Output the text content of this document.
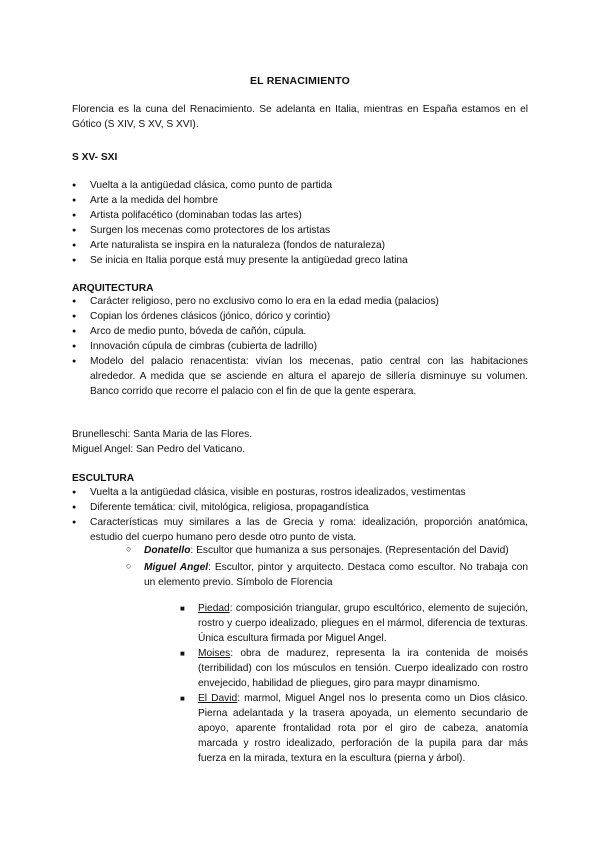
EL RENACIMIENTO
Florencia es la cuna del Renacimiento. Se adelanta en Italia, mientras en España estamos en el Gótico (S XIV, S XV, S XVI).
S XV- SXI
● Vuelta a la antigüedad clásica, como punto de partida
● Arte a la medida del hombre
● Artista polifacético (dominaban todas las artes)
● Surgen los mecenas como protectores de los artistas
● Arte naturalista se inspira en la naturaleza (fondos de naturaleza)
● Se inicia en Italia porque está muy presente la antigüedad greco latina
ARQUITECTURA
● Carácter religioso, pero no exclusivo como lo era en la edad media (palacios)
● Copian los órdenes clásicos (jónico, dórico y corintio)
● Arco de medio punto, bóveda de cañón, cúpula.
● Innovación cúpula de cimbras (cubierta de ladrillo)
● Modelo del palacio renacentista: vivían los mecenas, patio central con las habitaciones alrededor. A medida que se asciende en altura el aparejo de sillería disminuye su volumen. Banco corrido que recorre el palacio con el fin de que la gente esperara.
Brunelleschi: Santa Maria de las Flores.
Miguel Angel: San Pedro del Vaticano.
ESCULTURA
● Vuelta a la antigüedad clásica, visible en posturas, rostros idealizados, vestimentas
● Diferente temática: civil, mitológica, religiosa, propagandística
● Características muy similares a las de Grecia y roma: idealización, proporción anatómica, estudio del cuerpo humano pero desde otro punto de vista.
○ Donatello: Escultor que humaniza a sus personajes. (Representación del David)
○ Miguel Angel: Escultor, pintor y arquitecto. Destaca como escultor. No trabaja con un elemento previo. Símbolo de Florencia
■ Piedad: composición triangular, grupo escultórico, elemento de sujeción, rostro y cuerpo idealizado, pliegues en el mármol, diferencia de texturas. Única escultura firmada por Miguel Angel.
■ Moises: obra de madurez, representa la ira contenida de moisés (terribilidad) con los músculos en tensión. Cuerpo idealizado con rostro envejecido, habilidad de pliegues, giro para maypr dinamismo.
■ El David: marmol, Miguel Angel nos lo presenta como un Dios clásico. Pierna adelantada y la trasera apoyada, un elemento secundario de apoyo, aparente frontalidad rota por el giro de cabeza, anatomía marcada y rostro idealizado, perforación de la pupila para dar más fuerza en la mirada, textura en la escultura (pierna y árbol).
